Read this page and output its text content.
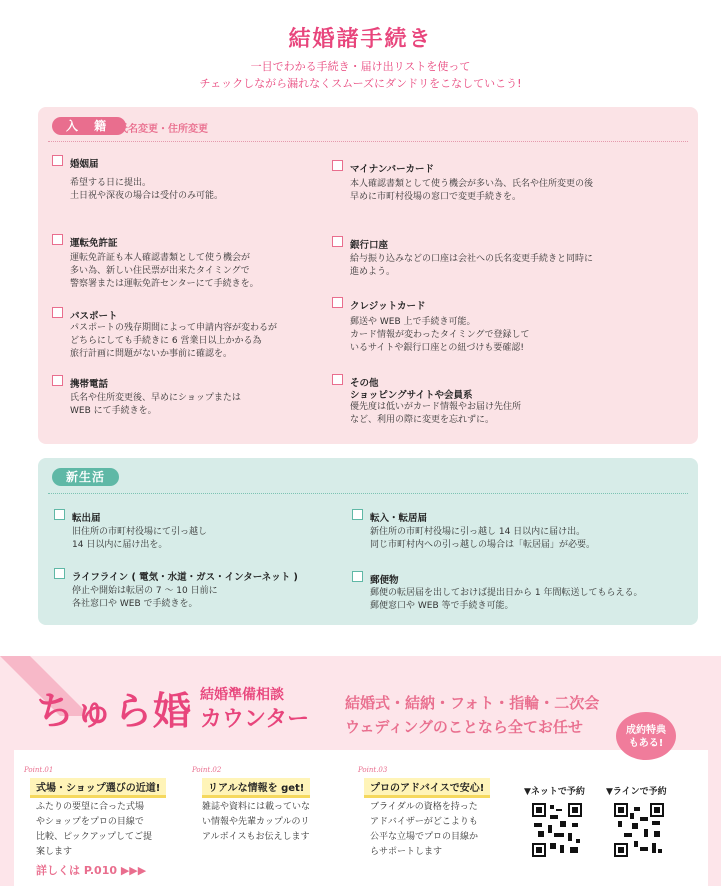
結婚諸手続き
一目でわかる手続き・届け出リストを使って
チェックしながら漏れなくスムーズにダンドリをこなしていこう!
入 籍 氏名変更・住所変更
婚姻届
希望する日に提出。
土日祝や深夜の場合は受付のみ可能。
運転免許証
運転免許証も本人確認書類として使う機会が
多い為、新しい住民票が出来たタイミングで
警察署または運転免許センターにて手続きを。
パスポート
パスポートの残存期間によって申請内容が変わるが
どちらにしても手続きに 6 営業日以上かかる為
旅行計画に問題がないか事前に確認を。
携帯電話
氏名や住所変更後、早めにショップまたは
WEB にて手続きを。
マイナンバーカード
本人確認書類として使う機会が多い為、氏名や住所変更の後
早めに市町村役場の窓口で変更手続きを。
銀行口座
給与振り込みなどの口座は会社への氏名変更手続きと同時に
進めよう。
クレジットカード
郵送や WEB 上で手続き可能。
カード情報が変わったタイミングで登録して
いるサイトや銀行口座との紐づけも要確認!
その他
ショッピングサイトや会員系
優先度は低いがカード情報やお届け先住所
など、利用の際に変更を忘れずに。
新生活
転出届
旧住所の市町村役場にて引っ越し
14 日以内に届け出を。
ライフライン ( 電気・水道・ガス・インターネット )
停止や開始は転居の 7 〜 10 日前に
各社窓口や WEB で手続きを。
転入・転居届
新住所の市町村役場に引っ越し 14 日以内に届け出。
同じ市町村内への引っ越しの場合は「転居届」が必要。
郵便物
郵便の転居届を出しておけば提出日から 1 年間転送してもらえる。
郵便窓口や WEB 等で手続き可能。
ちゅら婚 結婚準備相談
カウンター
結婚式・結納・フォト・指輪・二次会
ウェディングのことなら全てお任せ	成約特典
もある!
Point.01
式場・ショップ選びの近道!
ふたりの要望に合った式場
やショップをプロの目線で
比較、ピックアップしてご提
案します
Point.02
リアルな情報を get!
雑誌や資料には載っていな
い情報や先輩カップルのリ
アルボイスもお伝えします
Point.03
プロのアドバイスで安心!
ブライダルの資格を持った
アドバイザーがどこよりも
公平な立場でプロの目線か
らサポートします
詳しくは P.010 ▶▶▶
▼ネットで予約 ▼ラインで予約
